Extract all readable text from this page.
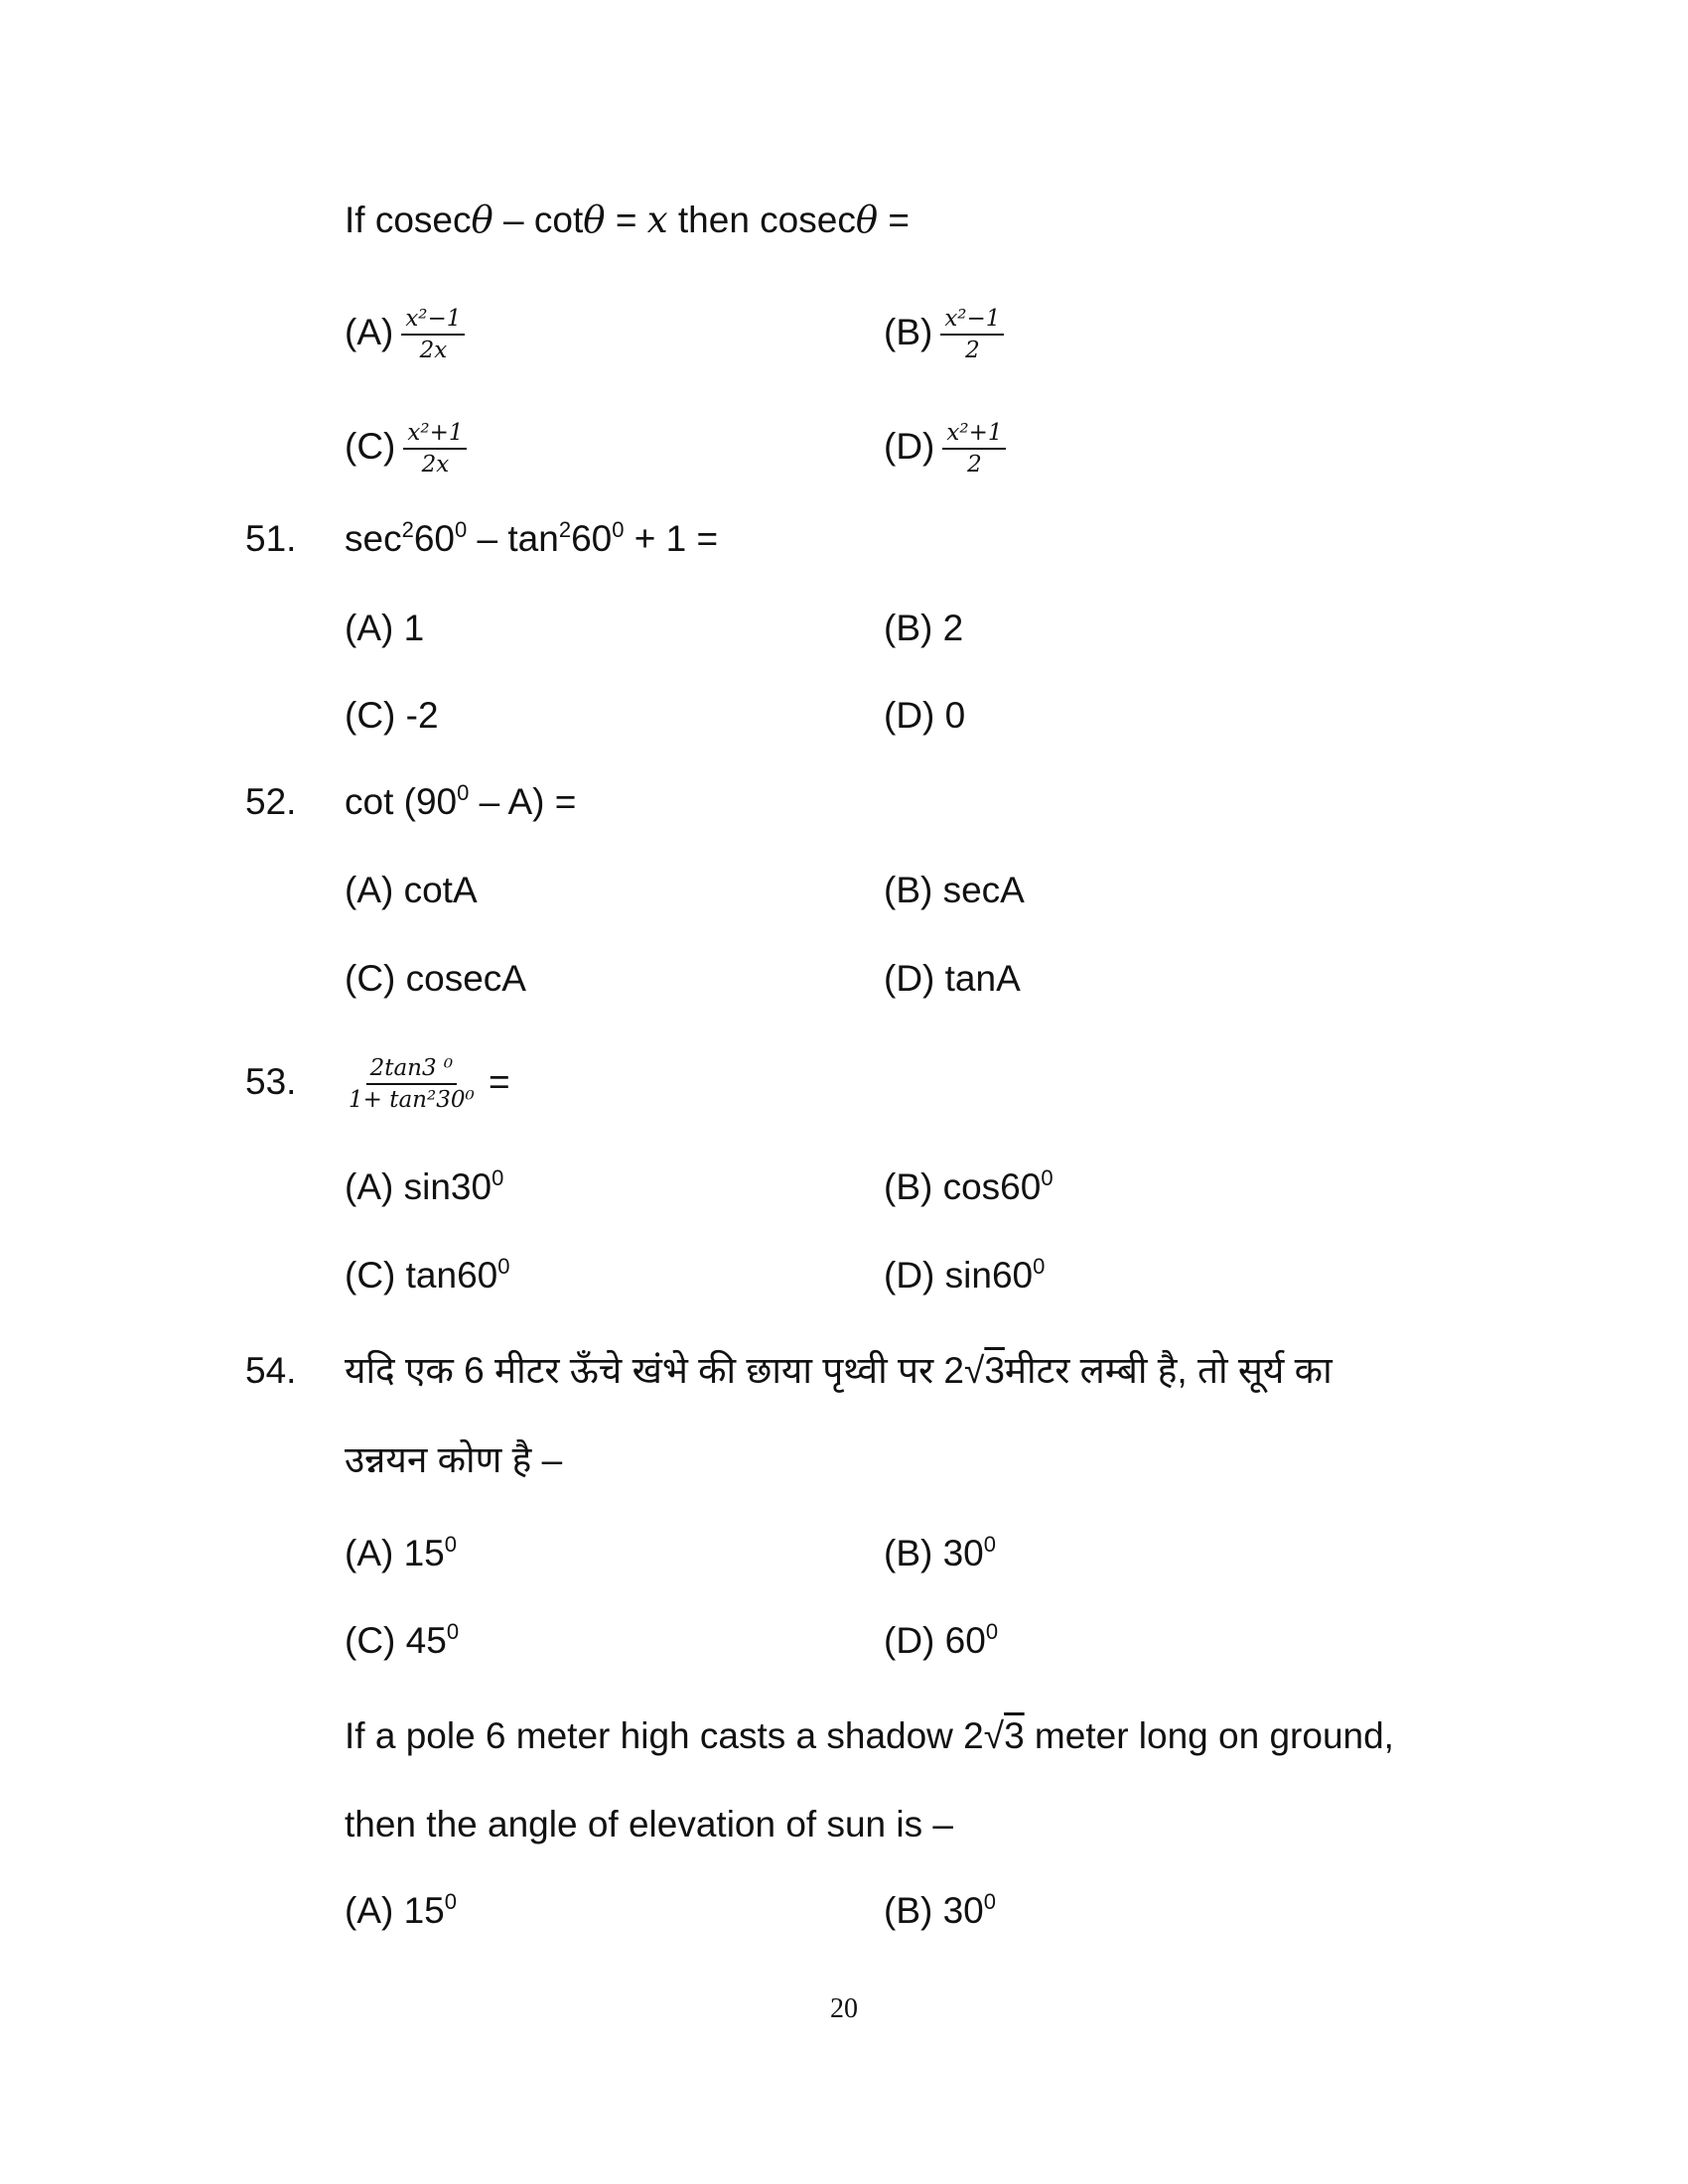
If cosecθ – cotθ = x then cosecθ =
$(A) \frac{\text{x²−1}}{2x}$	$(B) \frac{\text{x²−1}}{2}$
$(C) \frac{\text{x²+1}}{2x}$	$(D) \frac{\text{x²+1}}{2}$
51. $\sec^260^0 - \tan^260^0 + 1$ =
(A) 1	(B) 2
(C) -2	(D) 0
52. $\cot (90^0 - A)$ =
(A) cotA	(B) secA
(C) cosecA	(D) tanA
53. $\frac{\text{2tan3 ⁰}}{\text{1+ tan²30⁰}}$ =
(A) $\sin 30^0$	(B) $\cos 60^0$
(C) $\tan 60^0$	(D) $\sin 60^0$
54. यदि एक 6 मीटर ऊँचे खंभे की छाया पृथ्वी पर 2√3मीटर लम्बी है, तो सूर्य का
उन्नयन कोण है –
(A) $15^0$	(B) $30^0$
(C) $45^0$	(D) $60^0$
If a pole 6 meter high casts a shadow 2√3 meter long on ground,
then the angle of elevation of sun is –
(A) $15^0$	(B) $30^0$
20
